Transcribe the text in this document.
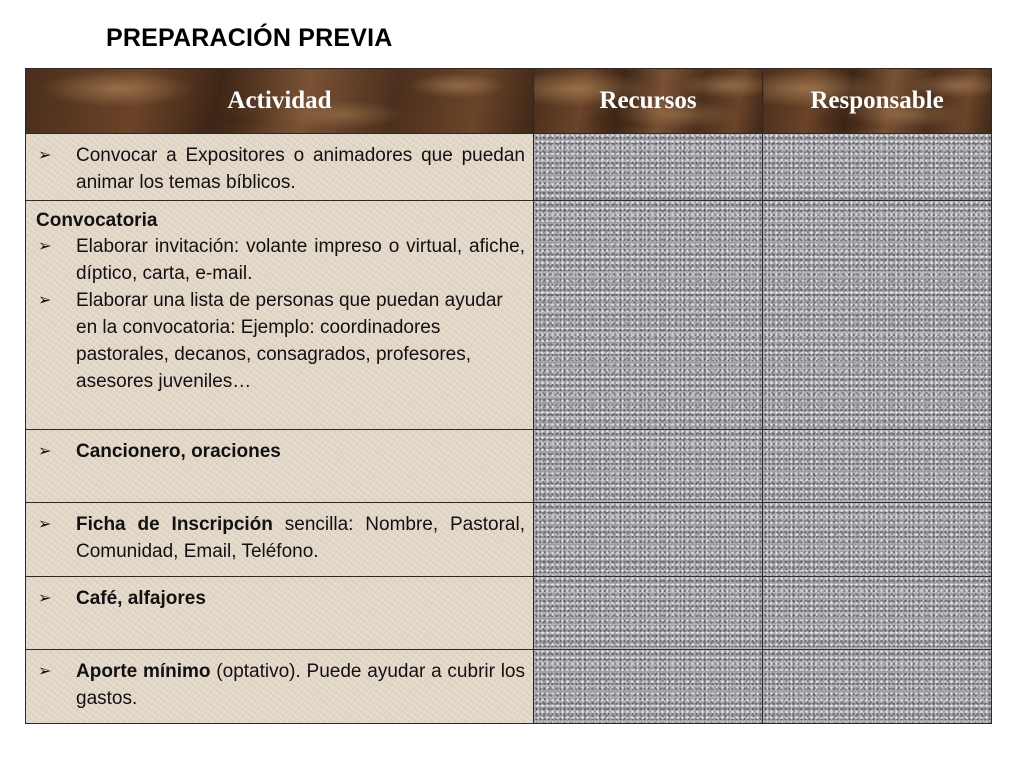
PREPARACIÓN PREVIA
Actividad	Recursos	Responsable

➢ Convocar a Expositores o animadores que puedan animar los temas bíblicos.		

Convocatoria
➢ Elaborar invitación: volante impreso o virtual, afiche, díptico, carta, e-mail.
➢ Elaborar una lista de personas que puedan ayudar en la convocatoria: Ejemplo: coordinadores pastorales, decanos, consagrados, profesores, asesores juveniles…		

➢ Cancionero, oraciones		

➢ Ficha de Inscripción sencilla: Nombre, Pastoral, Comunidad, Email, Teléfono.		

➢ Café, alfajores		

➢ Aporte mínimo (optativo). Puede ayudar a cubrir los gastos.		
